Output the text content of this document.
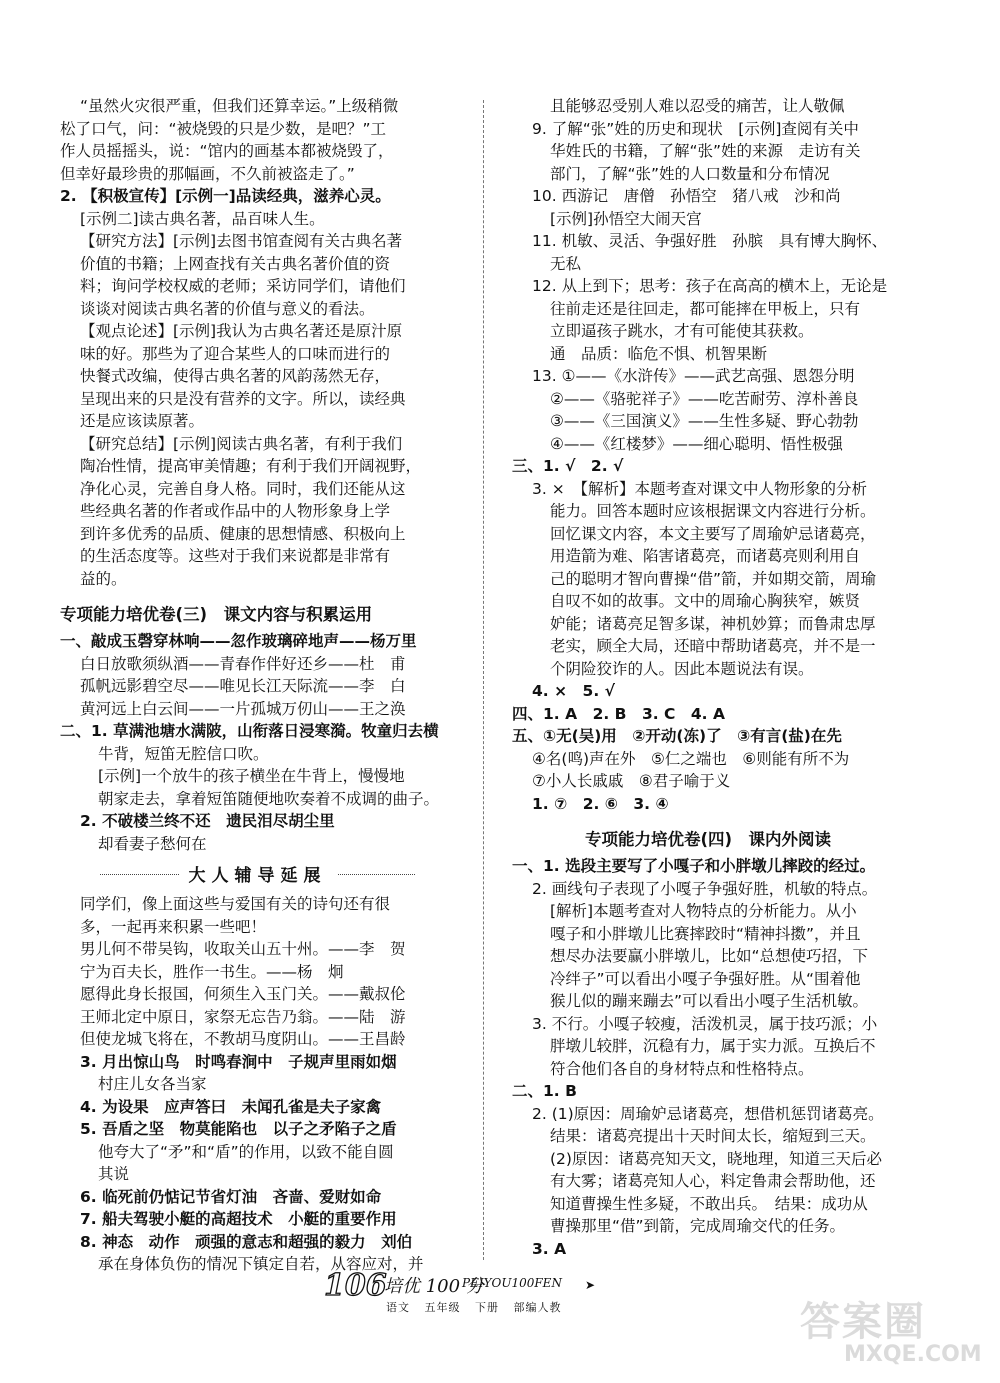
“虽然火灾很严重，但我们还算幸运。”上级稍微
松了口气，问：“被烧毁的只是少数，是吧？”工
作人员摇摇头，说：“馆内的画基本都被烧毁了，
但幸好最珍贵的那幅画，不久前被盗走了。”
2. 【积极宣传】[示例一]品读经典，滋养心灵。
[示例二]读古典名著，品百味人生。
【研究方法】[示例]去图书馆查阅有关古典名著
价值的书籍；上网查找有关古典名著价值的资
料；询问学校权威的老师；采访同学们，请他们
谈谈对阅读古典名著的价值与意义的看法。
【观点论述】[示例]我认为古典名著还是原汁原
味的好。那些为了迎合某些人的口味而进行的
快餐式改编，使得古典名著的风韵荡然无存，
呈现出来的只是没有营养的文字。所以，读经典
还是应该读原著。
【研究总结】[示例]阅读古典名著，有利于我们
陶冶性情，提高审美情趣；有利于我们开阔视野，
净化心灵，完善自身人格。同时，我们还能从这
些经典名著的作者或作品中的人物形象身上学
到许多优秀的品质、健康的思想情感、积极向上
的生活态度等。这些对于我们来说都是非常有
益的。
专项能力培优卷(三)　课文内容与积累运用
一、敲成玉磬穿林响——忽作玻璃碎地声——杨万里
白日放歌须纵酒——青春作伴好还乡——杜　甫
孤帆远影碧空尽——唯见长江天际流——李　白
黄河远上白云间——一片孤城万仞山——王之涣
二、1. 草满池塘水满陂，山衔落日浸寒漪。牧童归去横
牛背，短笛无腔信口吹。
[示例]一个放牛的孩子横坐在牛背上，慢慢地
朝家走去，拿着短笛随便地吹奏着不成调的曲子。
2. 不破楼兰终不还　遗民泪尽胡尘里
却看妻子愁何在
大人辅导延展
同学们，像上面这些与爱国有关的诗句还有很
多，一起再来积累一些吧！
男儿何不带吴钩，收取关山五十州。——李　贺
宁为百夫长，胜作一书生。——杨　炯
愿得此身长报国，何须生入玉门关。——戴叔伦
王师北定中原日，家祭无忘告乃翁。——陆　游
但使龙城飞将在，不教胡马度阴山。——王昌龄
3. 月出惊山鸟　时鸣春涧中　子规声里雨如烟
村庄儿女各当家
4. 为设果　应声答曰　未闻孔雀是夫子家禽
5. 吾盾之坚　物莫能陷也　以子之矛陷子之盾
他夸大了“矛”和“盾”的作用，以致不能自圆
其说
6. 临死前仍惦记节省灯油　吝啬、爱财如命
7. 船夫驾驶小艇的高超技术　小艇的重要作用
8. 神态　动作　顽强的意志和超强的毅力　刘伯
承在身体负伤的情况下镇定自若，从容应对，并
且能够忍受别人难以忍受的痛苦，让人敬佩
9. 了解“张”姓的历史和现状　[示例]查阅有关中
华姓氏的书籍，了解“张”姓的来源　走访有关
部门，了解“张”姓的人口数量和分布情况
10. 西游记　唐僧　孙悟空　猪八戒　沙和尚
[示例]孙悟空大闹天宫
11. 机敏、灵活、争强好胜　孙膑　具有博大胸怀、
无私
12. 从上到下；思考：孩子在高高的横木上，无论是
往前走还是往回走，都可能摔在甲板上，只有
立即逼孩子跳水，才有可能使其获救。
通　品质：临危不惧、机智果断
13. ①——《水浒传》——武艺高强、恩怨分明
②——《骆驼祥子》——吃苦耐劳、淳朴善良
③——《三国演义》——生性多疑、野心勃勃
④——《红楼梦》——细心聪明、悟性极强
三、1. √　2. √
3. ×　【解析】本题考查对课文中人物形象的分析
能力。回答本题时应该根据课文内容进行分析。
回忆课文内容，本文主要写了周瑜妒忌诸葛亮，
用造箭为难、陷害诸葛亮，而诸葛亮则利用自
己的聪明才智向曹操“借”箭，并如期交箭，周瑜
自叹不如的故事。文中的周瑜心胸狭窄，嫉贤
妒能；诸葛亮足智多谋，神机妙算；而鲁肃忠厚
老实，顾全大局，还暗中帮助诸葛亮，并不是一
个阴险狡诈的人。因此本题说法有误。
4. ×　5. √
四、1. A　2. B　3. C　4. A
五、①无(吴)用　②开动(冻)了　③有言(盐)在先
④名(鸣)声在外　⑤仁之端也　⑥则能有所不为
⑦小人长戚戚　⑧君子喻于义
1. ⑦　2. ⑥　3. ④
专项能力培优卷(四)　课内外阅读
一、1. 选段主要写了小嘎子和小胖墩儿摔跤的经过。
2. 画线句子表现了小嘎子争强好胜，机敏的特点。
[解析]本题考查对人物特点的分析能力。从小
嘎子和小胖墩儿比赛摔跤时“精神抖擞”，并且
想尽办法要赢小胖墩儿，比如“总想使巧招，下
冷绊子”可以看出小嘎子争强好胜。从“围着他
猴儿似的蹦来蹦去”可以看出小嘎子生活机敏。
3. 不行。小嘎子较瘦，活泼机灵，属于技巧派；小
胖墩儿较胖，沉稳有力，属于实力派。互换后不
符合他们各自的身材特点和性格特点。
二、1. B
2. (1)原因：周瑜妒忌诸葛亮，想借机惩罚诸葛亮。
结果：诸葛亮提出十天时间太长，缩短到三天。
(2)原因：诸葛亮知天文，晓地理，知道三天后必
有大雾；诸葛亮知人心，料定鲁肃会帮助他，还
知道曹操生性多疑，不敢出兵。　结果：成功从
曹操那里“借”到箭，完成周瑜交代的任务。
3. A
106
培优 100 分
PEIYOU100FEN ➤
语文 五年级 下册 部编人教	答案圈
MXQE.COM
